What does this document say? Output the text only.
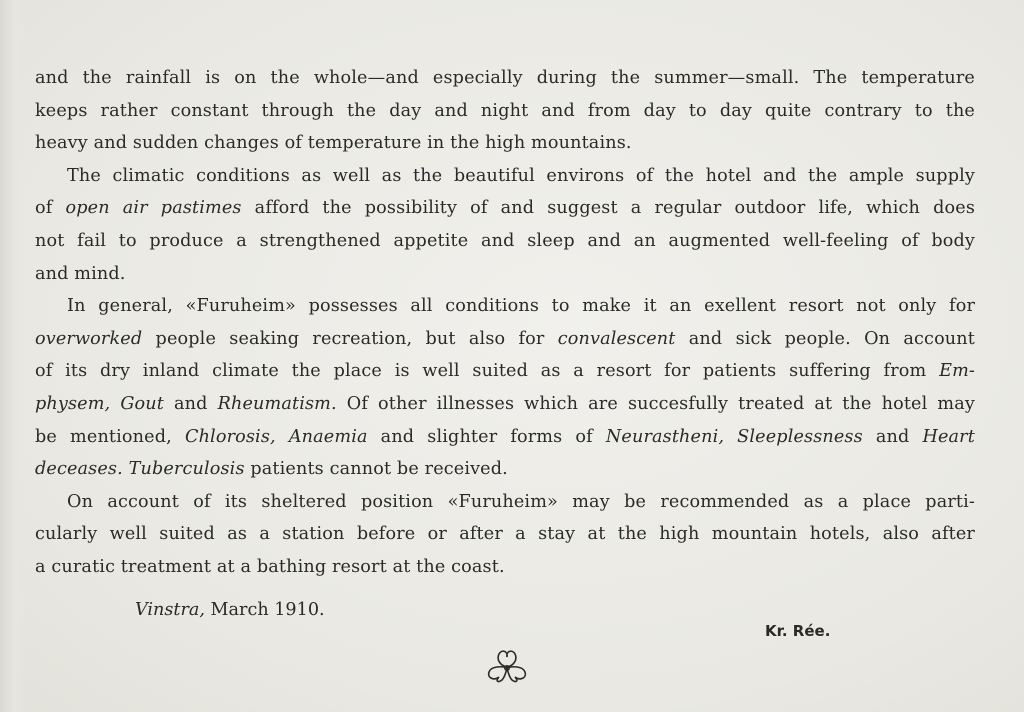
and the rainfall is on the whole—and especially during the summer—small. The temperature
keeps rather constant through the day and night and from day to day quite contrary to the
heavy and sudden changes of temperature in the high mountains.
The climatic conditions as well as the beautiful environs of the hotel and the ample supply
of open air pastimes afford the possibility of and suggest a regular outdoor life, which does
not fail to produce a strengthened appetite and sleep and an augmented well-feeling of body
and mind.
In general, «Furuheim» possesses all conditions to make it an exellent resort not only for
overworked people seaking recreation, but also for convalescent and sick people. On account
of its dry inland climate the place is well suited as a resort for patients suffering from Em-
physem, Gout and Rheumatism. Of other illnesses which are succesfully treated at the hotel may
be mentioned, Chlorosis, Anaemia and slighter forms of Neurastheni, Sleeplessness and Heart
deceases. Tuberculosis patients cannot be received.
On account of its sheltered position «Furuheim» may be recommended as a place parti-
cularly well suited as a station before or after a stay at the high mountain hotels, also after
a curatic treatment at a bathing resort at the coast.
Vinstra, March 1910.
Kr. Rée.
